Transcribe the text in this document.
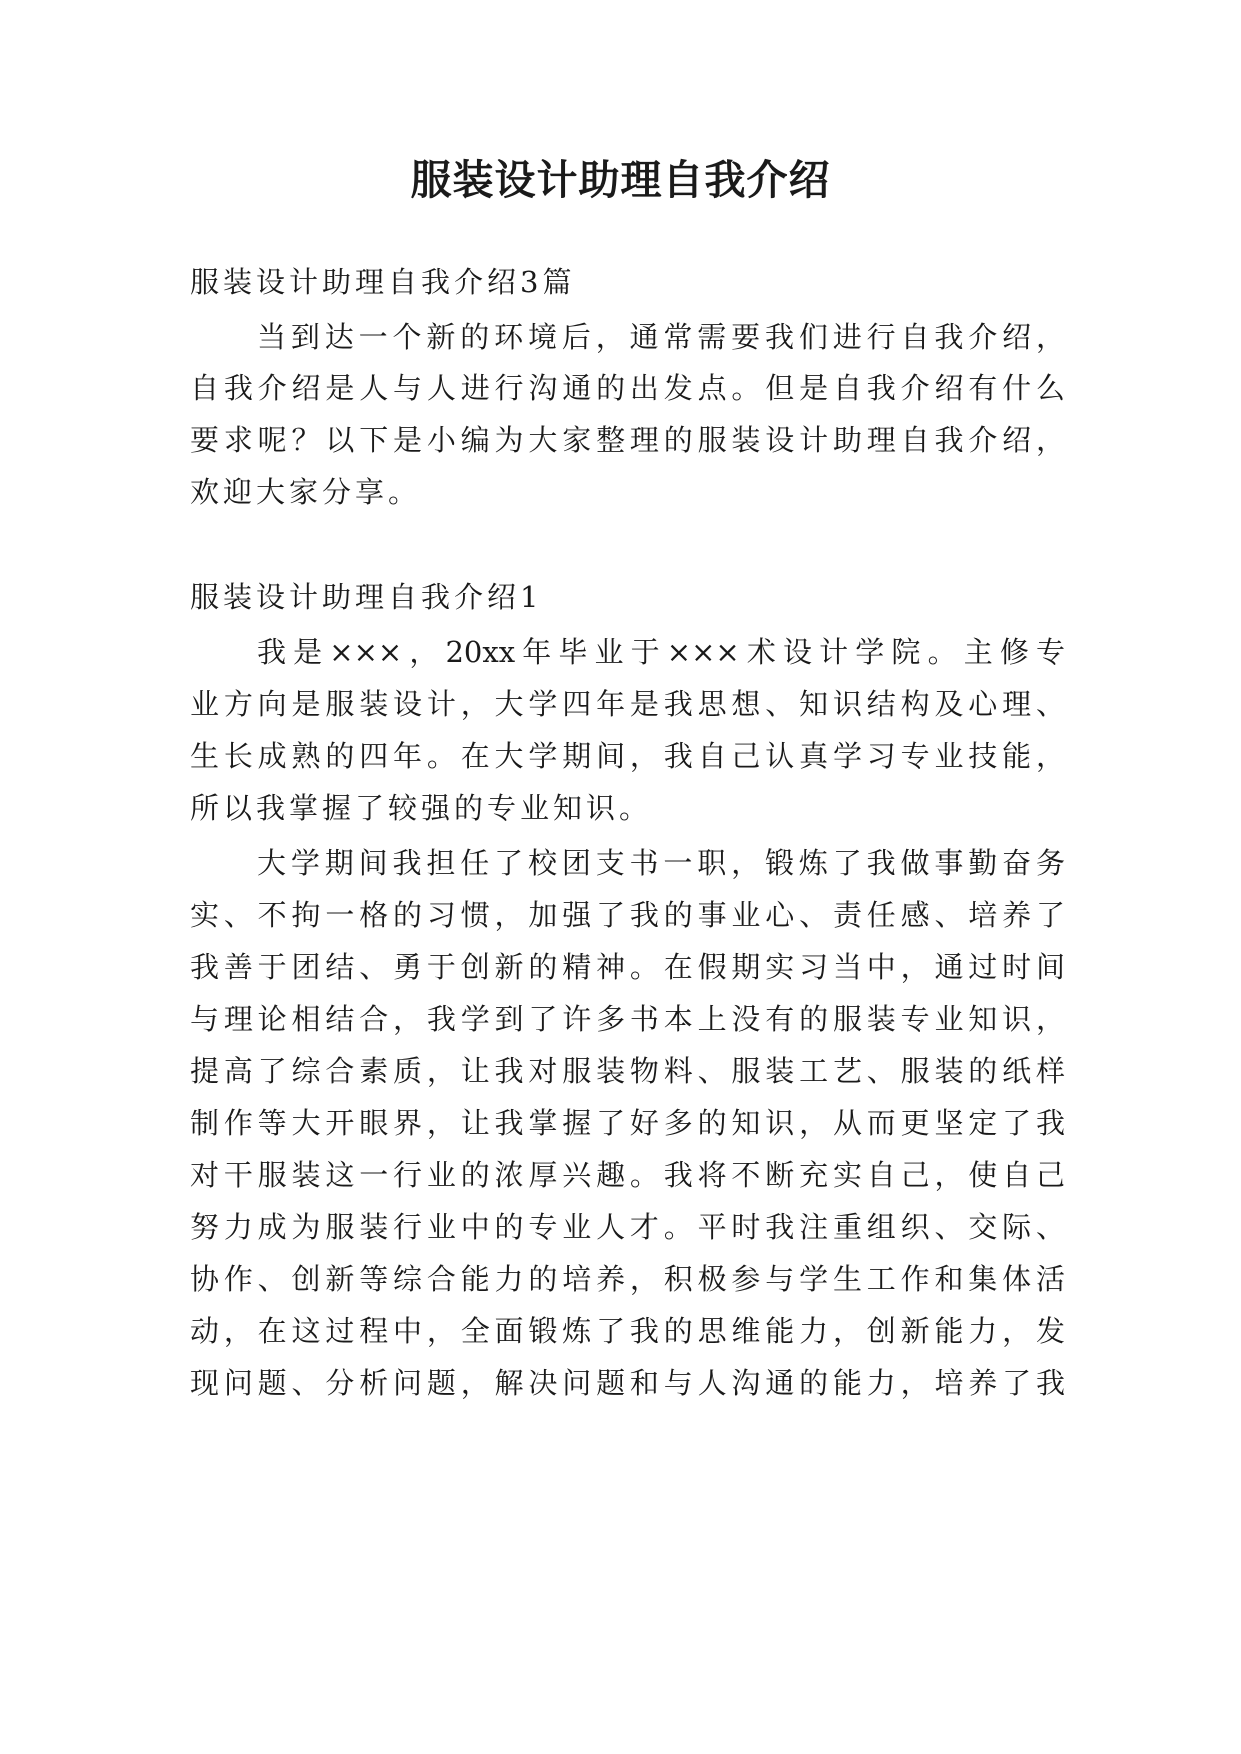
服装设计助理自我介绍
服装设计助理自我介绍3篇
当到达一个新的环境后，通常需要我们进行自我介绍，
自我介绍是人与人进行沟通的出发点。但是自我介绍有什么
要求呢？以下是小编为大家整理的服装设计助理自我介绍，
欢迎大家分享。
服装设计助理自我介绍1
我是×××，20xx年毕业于×××术设计学院。主修专
业方向是服装设计，大学四年是我思想、知识结构及心理、
生长成熟的四年。在大学期间，我自己认真学习专业技能，
所以我掌握了较强的专业知识。
大学期间我担任了校团支书一职，锻炼了我做事勤奋务
实、不拘一格的习惯，加强了我的事业心、责任感、培养了
我善于团结、勇于创新的精神。在假期实习当中，通过时间
与理论相结合，我学到了许多书本上没有的服装专业知识，
提高了综合素质，让我对服装物料、服装工艺、服装的纸样
制作等大开眼界，让我掌握了好多的知识，从而更坚定了我
对干服装这一行业的浓厚兴趣。我将不断充实自己，使自己
努力成为服装行业中的专业人才。平时我注重组织、交际、
协作、创新等综合能力的培养，积极参与学生工作和集体活
动，在这过程中，全面锻炼了我的思维能力，创新能力，发
现问题、分析问题，解决问题和与人沟通的能力，培养了我
